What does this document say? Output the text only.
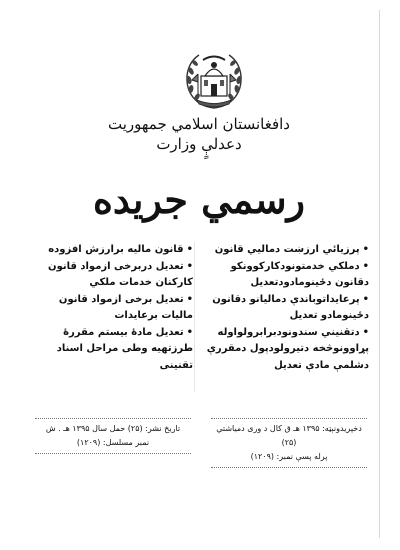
دافغانستان اسلامي جمهوريت
دعدلېٍ وزارت
رسمي جريده

•پرزيائي ارزښت دماليي قانون

•دملکي خدمتونودکارکوونکو دقانون دځينومادودتعديل

•پرعايداتوباندې دماليانو دقانون دځينومادو تعديل

•دتقنيني سندونودبرابرولواوله پړاوونوڅخه دتيرولودپول دمقررې دشلمې مادې تعديل

•قانون ماليه برارزش افزوده

•تعديل دربرخی ازمواد قانون كاركنان خدمات ملكي

•تعديل برخی ازمواد قانون ماليات برعايدات

•تعديل مادهٔ بيستم مقررهٔ طرزتهيه وطى مراحل اسناد تقنينى

دخپريدونېټه: ۱۳۹۵ هـ ق کال د وری دمياشتي (۲۵)
پرله پسې نمبر: (۱۲۰۹)
تاريخ نشر: (۲۵) حمل سال ۱۳۹۵ هـ . ش
نمبر مسلسل: (۱۲۰۹)
